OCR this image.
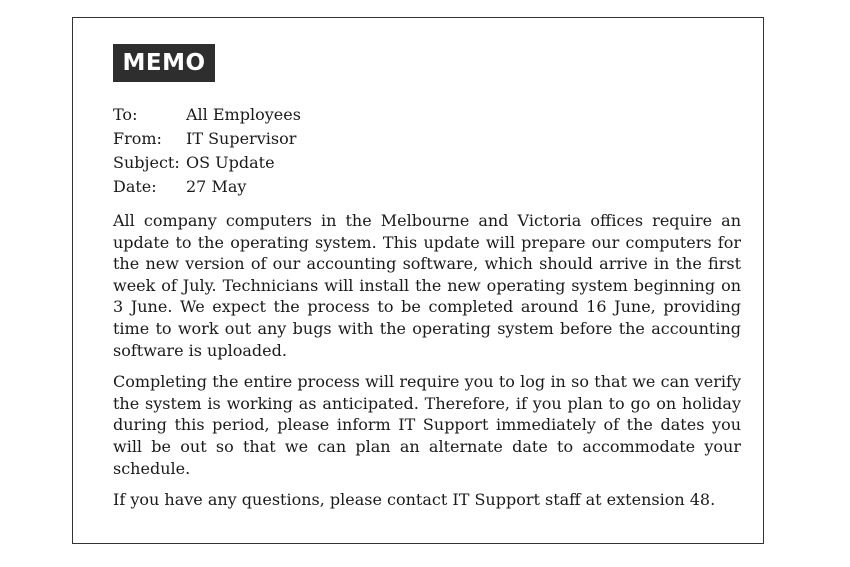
MEMO
To:	All Employees
From:	IT Supervisor
Subject: OS Update
Date:	27 May

All company computers in the Melbourne and Victoria offices require an update to the operating system. This update will prepare our computers for the new version of our accounting software, which should arrive in the first week of July. Technicians will install the new operating system beginning on 3 June. We expect the process to be completed around 16 June, providing time to work out any bugs with the operating system before the accounting software is uploaded.

Completing the entire process will require you to log in so that we can verify the system is working as anticipated. Therefore, if you plan to go on holiday during this period, please inform IT Support immediately of the dates you will be out so that we can plan an alternate date to accommodate your schedule.

If you have any questions, please contact IT Support staff at extension 48.
